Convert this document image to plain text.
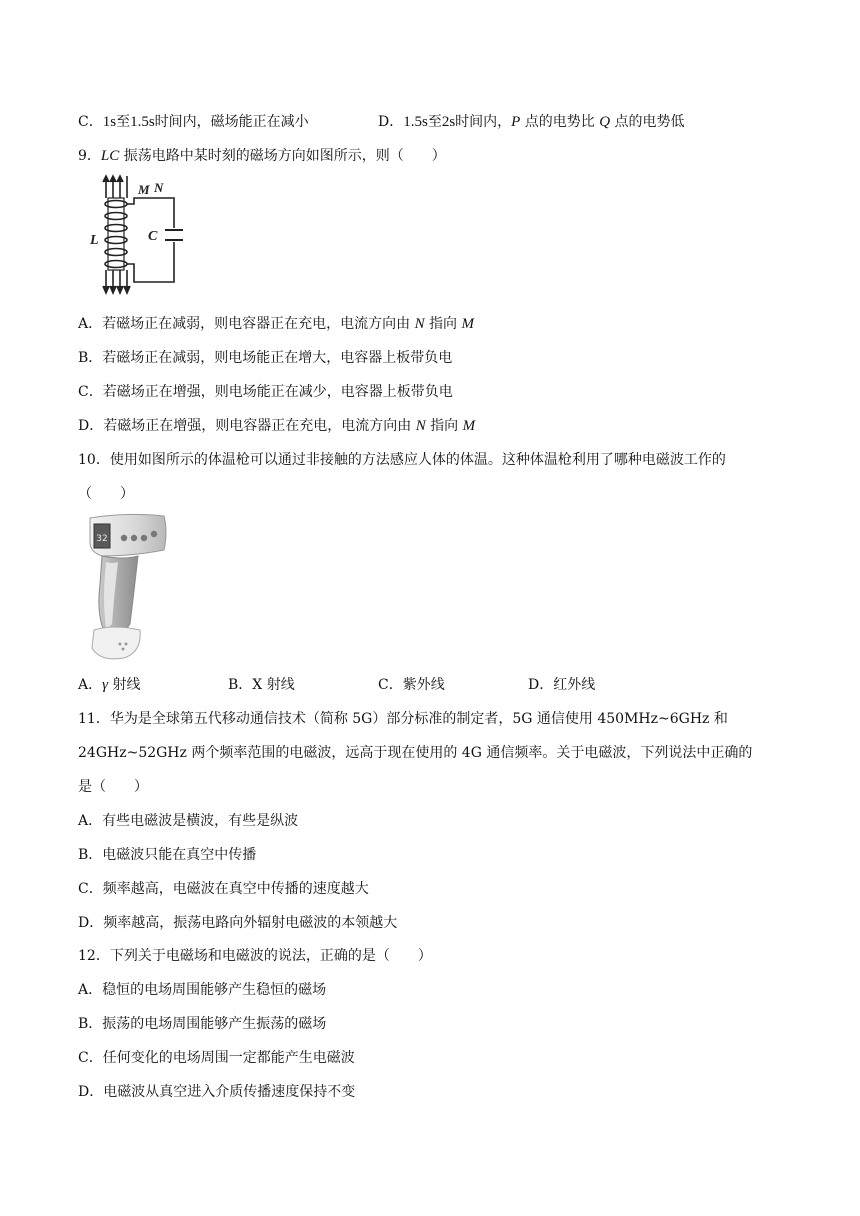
C．1s至1.5s时间内，磁场能正在减小	D．1.5s至2s时间内，P 点的电势比 Q 点的电势低
9．LC 振荡电路中某时刻的磁场方向如图所示，则（　　）
M N
L	C
A．若磁场正在减弱，则电容器正在充电，电流方向由 N 指向 M
B．若磁场正在减弱，则电场能正在增大，电容器上板带负电
C．若磁场正在增强，则电场能正在减少，电容器上板带负电
D．若磁场正在增强，则电容器正在充电，电流方向由 N 指向 M
10．使用如图所示的体温枪可以通过非接触的方法感应人体的体温。这种体温枪利用了哪种电磁波工作的
（　　）
32
A．γ 射线	B．X 射线	C．紫外线	D．红外线
11．华为是全球第五代移动通信技术（简称 5G）部分标准的制定者，5G 通信使用 450MHz~6GHz 和
24GHz~52GHz 两个频率范围的电磁波，远高于现在使用的 4G 通信频率。关于电磁波，下列说法中正确的
是（　　）
A．有些电磁波是横波，有些是纵波
B．电磁波只能在真空中传播
C．频率越高，电磁波在真空中传播的速度越大
D．频率越高，振荡电路向外辐射电磁波的本领越大
12．下列关于电磁场和电磁波的说法，正确的是（　　）
A．稳恒的电场周围能够产生稳恒的磁场
B．振荡的电场周围能够产生振荡的磁场
C．任何变化的电场周围一定都能产生电磁波
D．电磁波从真空进入介质传播速度保持不变
